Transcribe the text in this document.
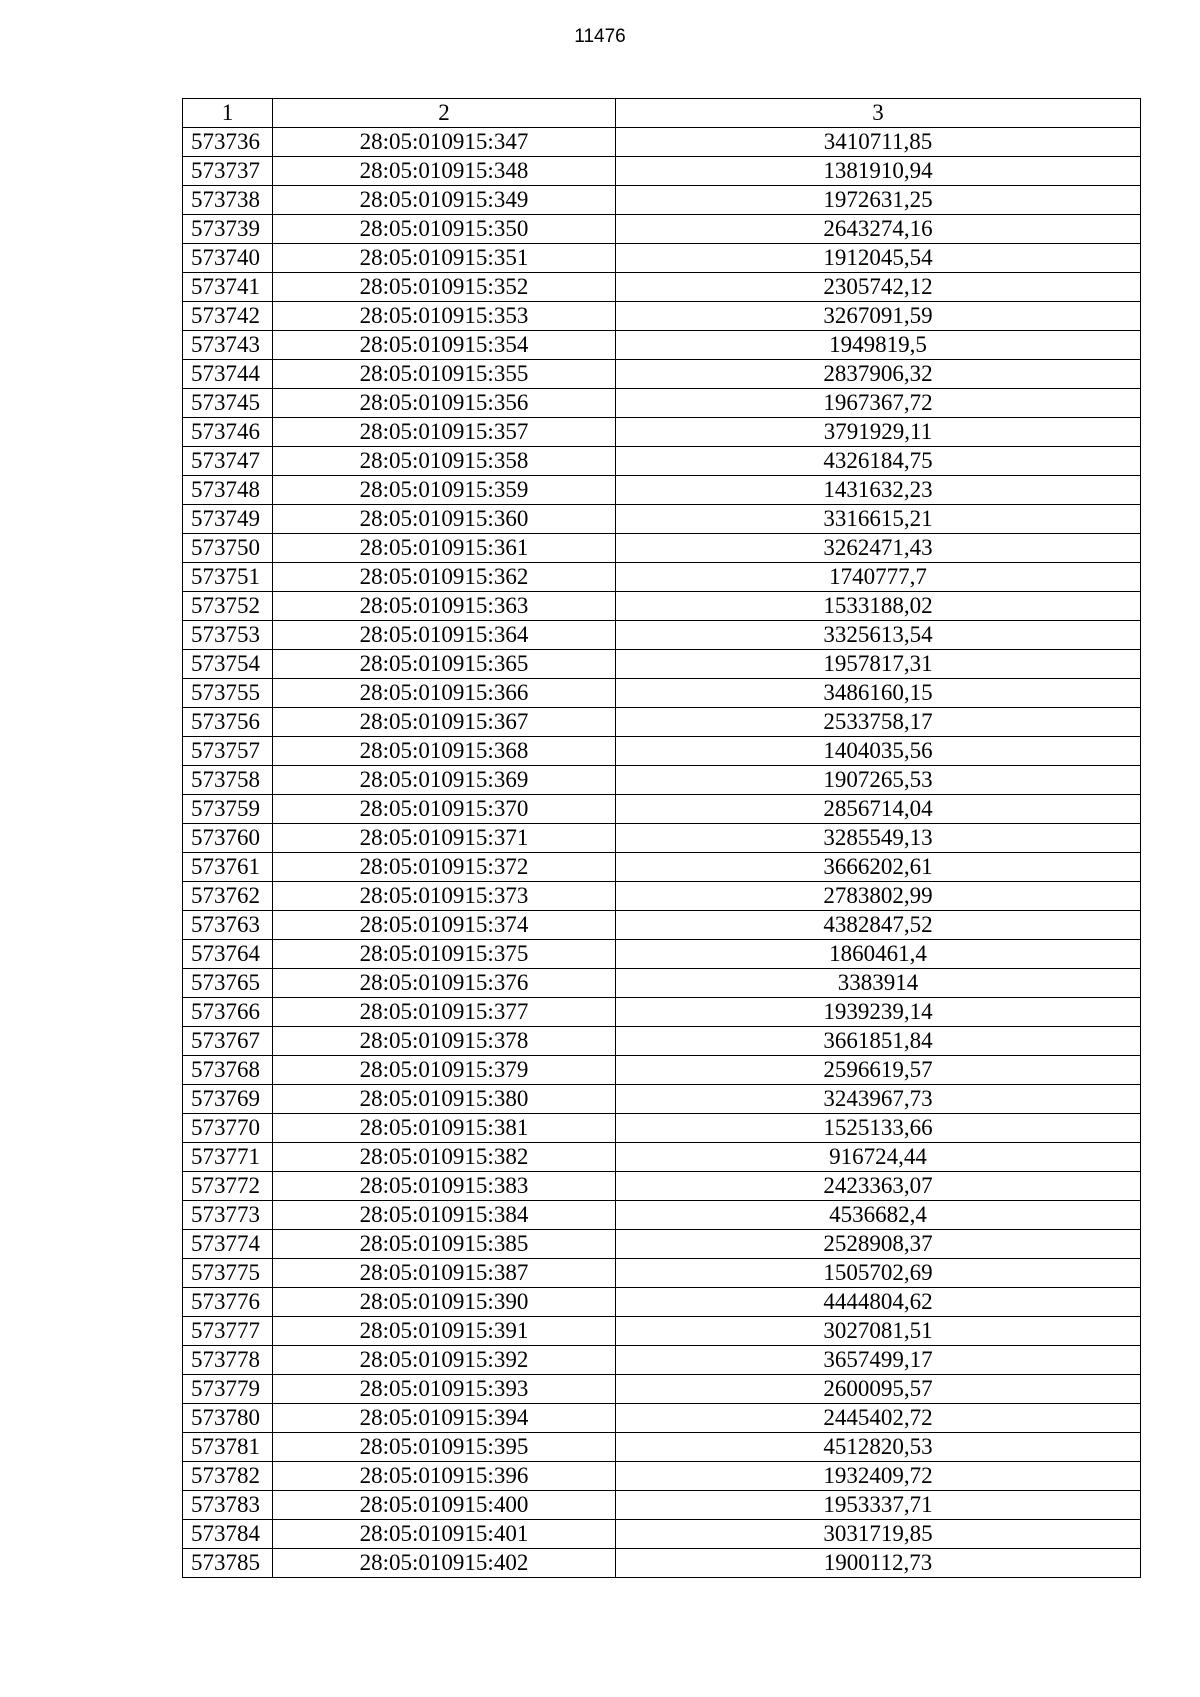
11476
1	2	3
573736	28:05:010915:347	3410711,85
573737	28:05:010915:348	1381910,94
573738	28:05:010915:349	1972631,25
573739	28:05:010915:350	2643274,16
573740	28:05:010915:351	1912045,54
573741	28:05:010915:352	2305742,12
573742	28:05:010915:353	3267091,59
573743	28:05:010915:354	1949819,5
573744	28:05:010915:355	2837906,32
573745	28:05:010915:356	1967367,72
573746	28:05:010915:357	3791929,11
573747	28:05:010915:358	4326184,75
573748	28:05:010915:359	1431632,23
573749	28:05:010915:360	3316615,21
573750	28:05:010915:361	3262471,43
573751	28:05:010915:362	1740777,7
573752	28:05:010915:363	1533188,02
573753	28:05:010915:364	3325613,54
573754	28:05:010915:365	1957817,31
573755	28:05:010915:366	3486160,15
573756	28:05:010915:367	2533758,17
573757	28:05:010915:368	1404035,56
573758	28:05:010915:369	1907265,53
573759	28:05:010915:370	2856714,04
573760	28:05:010915:371	3285549,13
573761	28:05:010915:372	3666202,61
573762	28:05:010915:373	2783802,99
573763	28:05:010915:374	4382847,52
573764	28:05:010915:375	1860461,4
573765	28:05:010915:376	3383914
573766	28:05:010915:377	1939239,14
573767	28:05:010915:378	3661851,84
573768	28:05:010915:379	2596619,57
573769	28:05:010915:380	3243967,73
573770	28:05:010915:381	1525133,66
573771	28:05:010915:382	916724,44
573772	28:05:010915:383	2423363,07
573773	28:05:010915:384	4536682,4
573774	28:05:010915:385	2528908,37
573775	28:05:010915:387	1505702,69
573776	28:05:010915:390	4444804,62
573777	28:05:010915:391	3027081,51
573778	28:05:010915:392	3657499,17
573779	28:05:010915:393	2600095,57
573780	28:05:010915:394	2445402,72
573781	28:05:010915:395	4512820,53
573782	28:05:010915:396	1932409,72
573783	28:05:010915:400	1953337,71
573784	28:05:010915:401	3031719,85
573785	28:05:010915:402	1900112,73
